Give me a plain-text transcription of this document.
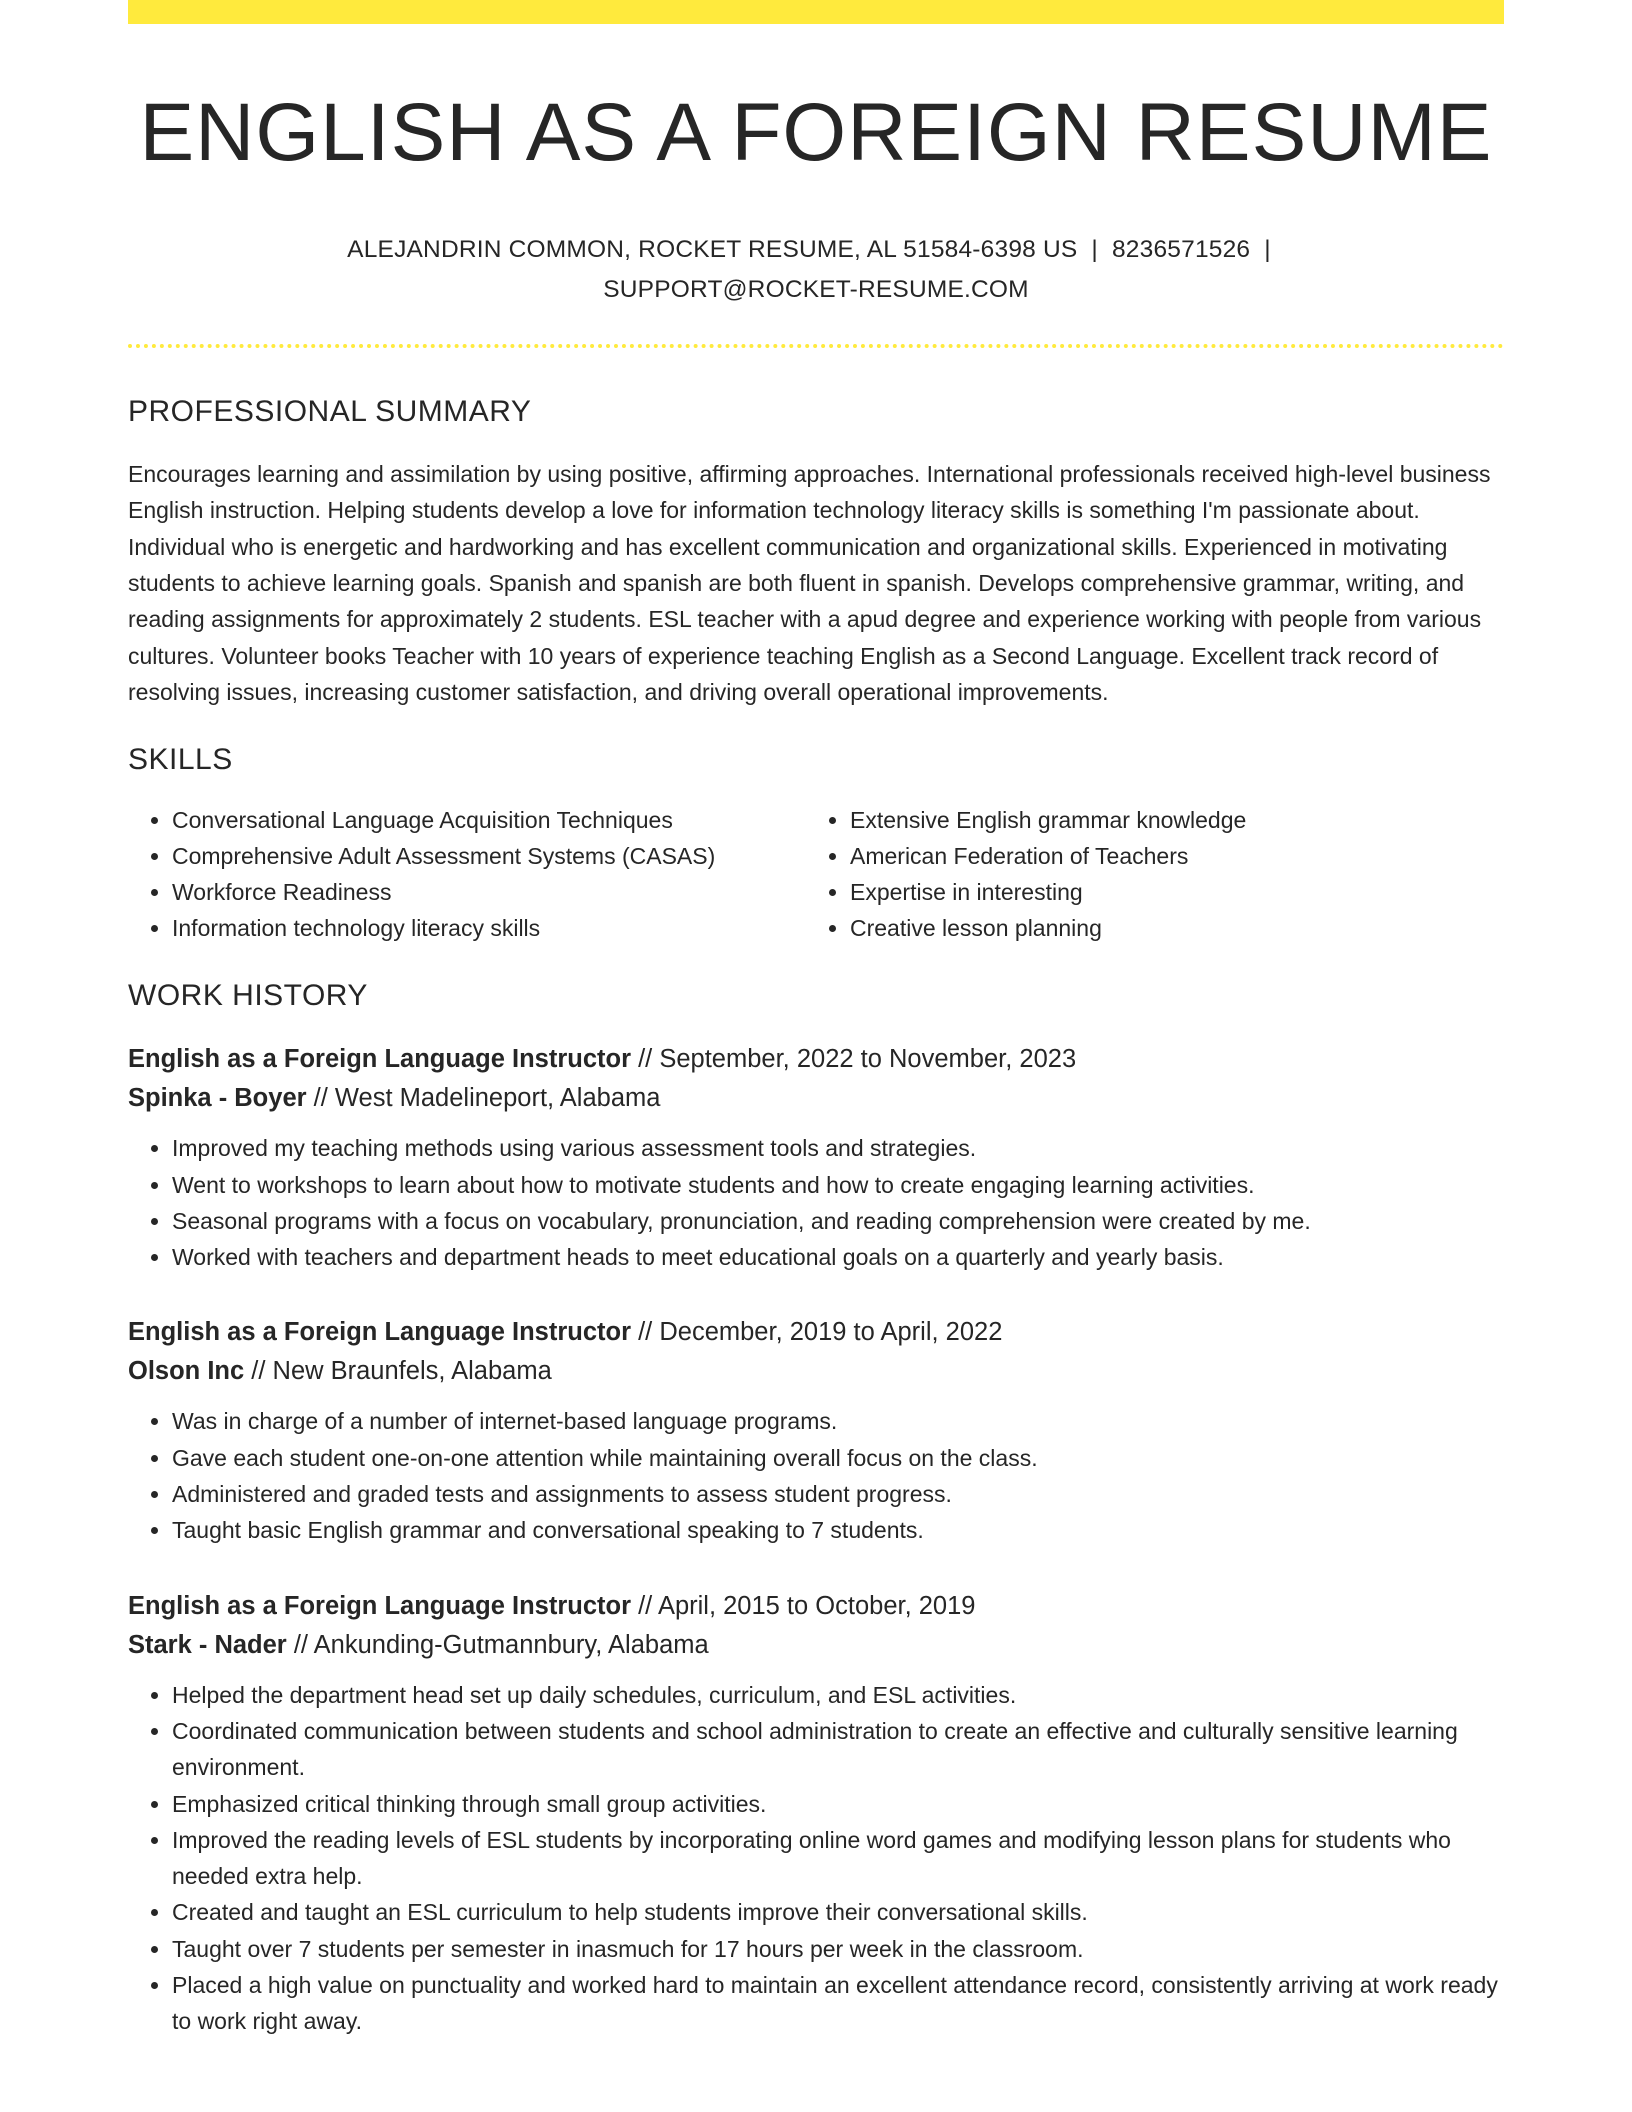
ENGLISH AS A FOREIGN RESUME
ALEJANDRIN COMMON, ROCKET RESUME, AL 51584-6398 US | 8236571526 |
SUPPORT@ROCKET-RESUME.COM
PROFESSIONAL SUMMARY

Encourages learning and assimilation by using positive, affirming approaches. International professionals received high-level business English instruction. Helping students develop a love for information technology literacy skills is something I'm passionate about. Individual who is energetic and hardworking and has excellent communication and organizational skills. Experienced in motivating students to achieve learning goals. Spanish and spanish are both fluent in spanish. Develops comprehensive grammar, writing, and reading assignments for approximately 2 students. ESL teacher with a apud degree and experience working with people from various cultures. Volunteer books Teacher with 10 years of experience teaching English as a Second Language. Excellent track record of resolving issues, increasing customer satisfaction, and driving overall operational improvements.

SKILLS
• Conversational Language Acquisition Techniques
• Comprehensive Adult Assessment Systems (CASAS)
• Workforce Readiness
• Information technology literacy skills
• Extensive English grammar knowledge
• American Federation of Teachers
• Expertise in interesting
• Creative lesson planning
WORK HISTORY
English as a Foreign Language Instructor // September, 2022 to November, 2023
Spinka - Boyer // West Madelineport, Alabama
• Improved my teaching methods using various assessment tools and strategies.
• Went to workshops to learn about how to motivate students and how to create engaging learning activities.
• Seasonal programs with a focus on vocabulary, pronunciation, and reading comprehension were created by me.
• Worked with teachers and department heads to meet educational goals on a quarterly and yearly basis.
English as a Foreign Language Instructor // December, 2019 to April, 2022
Olson Inc // New Braunfels, Alabama
• Was in charge of a number of internet-based language programs.
• Gave each student one-on-one attention while maintaining overall focus on the class.
• Administered and graded tests and assignments to assess student progress.
• Taught basic English grammar and conversational speaking to 7 students.
English as a Foreign Language Instructor // April, 2015 to October, 2019
Stark - Nader // Ankunding-Gutmannbury, Alabama
• Helped the department head set up daily schedules, curriculum, and ESL activities.
• Coordinated communication between students and school administration to create an effective and culturally sensitive learning environment.
• Emphasized critical thinking through small group activities.
• Improved the reading levels of ESL students by incorporating online word games and modifying lesson plans for students who needed extra help.
• Created and taught an ESL curriculum to help students improve their conversational skills.
• Taught over 7 students per semester in inasmuch for 17 hours per week in the classroom.
• Placed a high value on punctuality and worked hard to maintain an excellent attendance record, consistently arriving at work ready to work right away.
